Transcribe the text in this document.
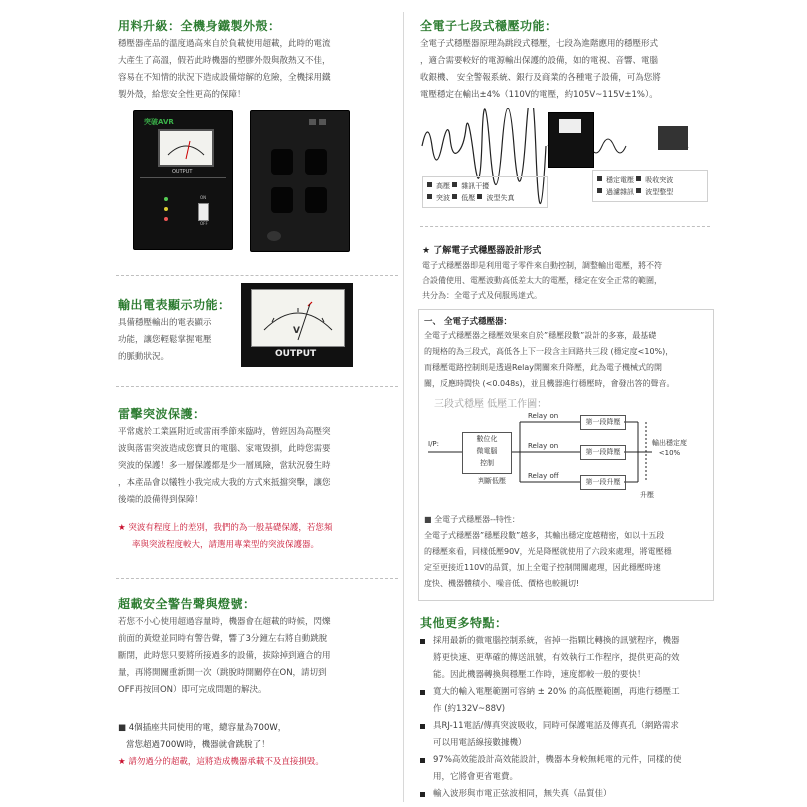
用料升級：全機身鐵製外殼：
穩壓器產品的溫度過高來自於負載使用超載，此時的電流
大產生了高溫，假若此時機器的塑膠外殼與散熱又不佳，
容易在不知情的狀況下造成設備熔解的危險，全機採用鐵
製外殼，給您安全性更高的保障！
突破AVR
OUTPUT
ON
OFF
輸出電表顯示功能：
具備穩壓輸出的電表顯示
功能，讓您輕鬆掌握電壓
的脈動狀況。
V
OUTPUT
雷擊突波保護：
平常處於工業區附近或雷雨季節來臨時，曾經因為高壓突
波與落雷突波造成您寶貝的電腦、家電毀損，此時您需要
突波的保護！多一層保護都是少一層風險，當狀況發生時
，本產品會以犧牲小我完成大我的方式來抵擋突擊，讓您
後端的設備得到保障！
★ 突波有程度上的差別，我們的為一般基礎保護，若您頻
率與突波程度較大，請選用專業型的突波保護器。
超載安全警告聲與燈號：
若您不小心使用超過容量時，機器會在超載的時候，閃爍
前面的黃燈並同時有警告聲，響了3分鐘左右將自動跳脫
斷閉，此時您只要將所接過多的設備，拔除掉到適合的用
量，再將開關重新開一次（跳脫時開關停在ON，請切到
OFF再按回ON）即可完成問題的解決。
■ 4個插座共同使用的電，總容量為700W，
當您超過700W時，機器就會跳脫了！
★ 請勿過分的超載，這將造成機器承載不及直接損毀。
全電子七段式穩壓功能：
全電子式穩壓器原理為跳段式穩壓，七段為進階應用的穩壓形式
，適合需要較好的電源輸出保護的設備，如的電視、音響、電腦
收銀機、 安全警報系統、銀行及商業的各種電子設備，可為您將
電壓穩定在輸出±4%（110V的電壓，約105V~115V±1%）。
高壓 雜訊干擾
突波 低壓 波型失真
穩定電壓 吸收突波
過濾雜訊 波型整型
★ 了解電子式穩壓器設計形式
電子式穩壓器即是利用電子零件來自動控制，調整輸出電壓，將不符
合設備使用、電壓波動高低差太大的電壓，穩定在安全正常的範圍，
共分為：全電子式及伺服馬達式。
一、 全電子式穩壓器：
全電子式穩壓器之穩壓效果來自於”穩壓段數”設計的多寡，最基礎
的規格的為三段式，高低各上下一段含主回路共三段 (穩定度<10%)，
而穩壓電路控制則是透過Relay開關來升降壓，此為電子機械式的開
關，反應時間快 (<0.048s)，並且機器進行穩壓時，會發出答的聲音。
三段式穩壓 低壓工作圖：
I/P:
數位化
微電腦
控制
Relay on
Relay on
Relay off
第一段降壓
第一段降壓
第一段升壓
輸出穩定度
<10%
判斷低壓
升壓
■ 全電子式穩壓器--特性：
全電子式穩壓器”穩壓段數”越多，其輸出穩定度越精密，如以十五段
的穩壓來看，同樣低壓90V，光是降壓就使用了六段來處理，將電壓穩
定至更接近110V的品質，加上全電子控制開關處理，因此穩壓時速
度快、機器體積小、噪音低、價格也較親切!
其他更多特點：
採用最新的微電腦控制系統，省掉一指顆比轉換的訊號程序，機器
將更快速、更準確的傳送訊號，有效執行工作程序，提供更高的效
能。因此機器轉換與穩壓工作時，速度都較一般的要快！
寬大的輸入電壓範圍可容納 ± 20% 的高低壓範圍，再進行穩壓工
作 (約132V~88V)
具RJ-11電話/傳真突波吸收，同時可保護電話及傳真孔（網路需求
可以用電話線接數據機）
97%高效能設計高效能設計，機器本身較無耗電的元件，同樣的使
用，它將會更省電費。
輸入波形與市電正弦波相同，無失真（品質佳）
